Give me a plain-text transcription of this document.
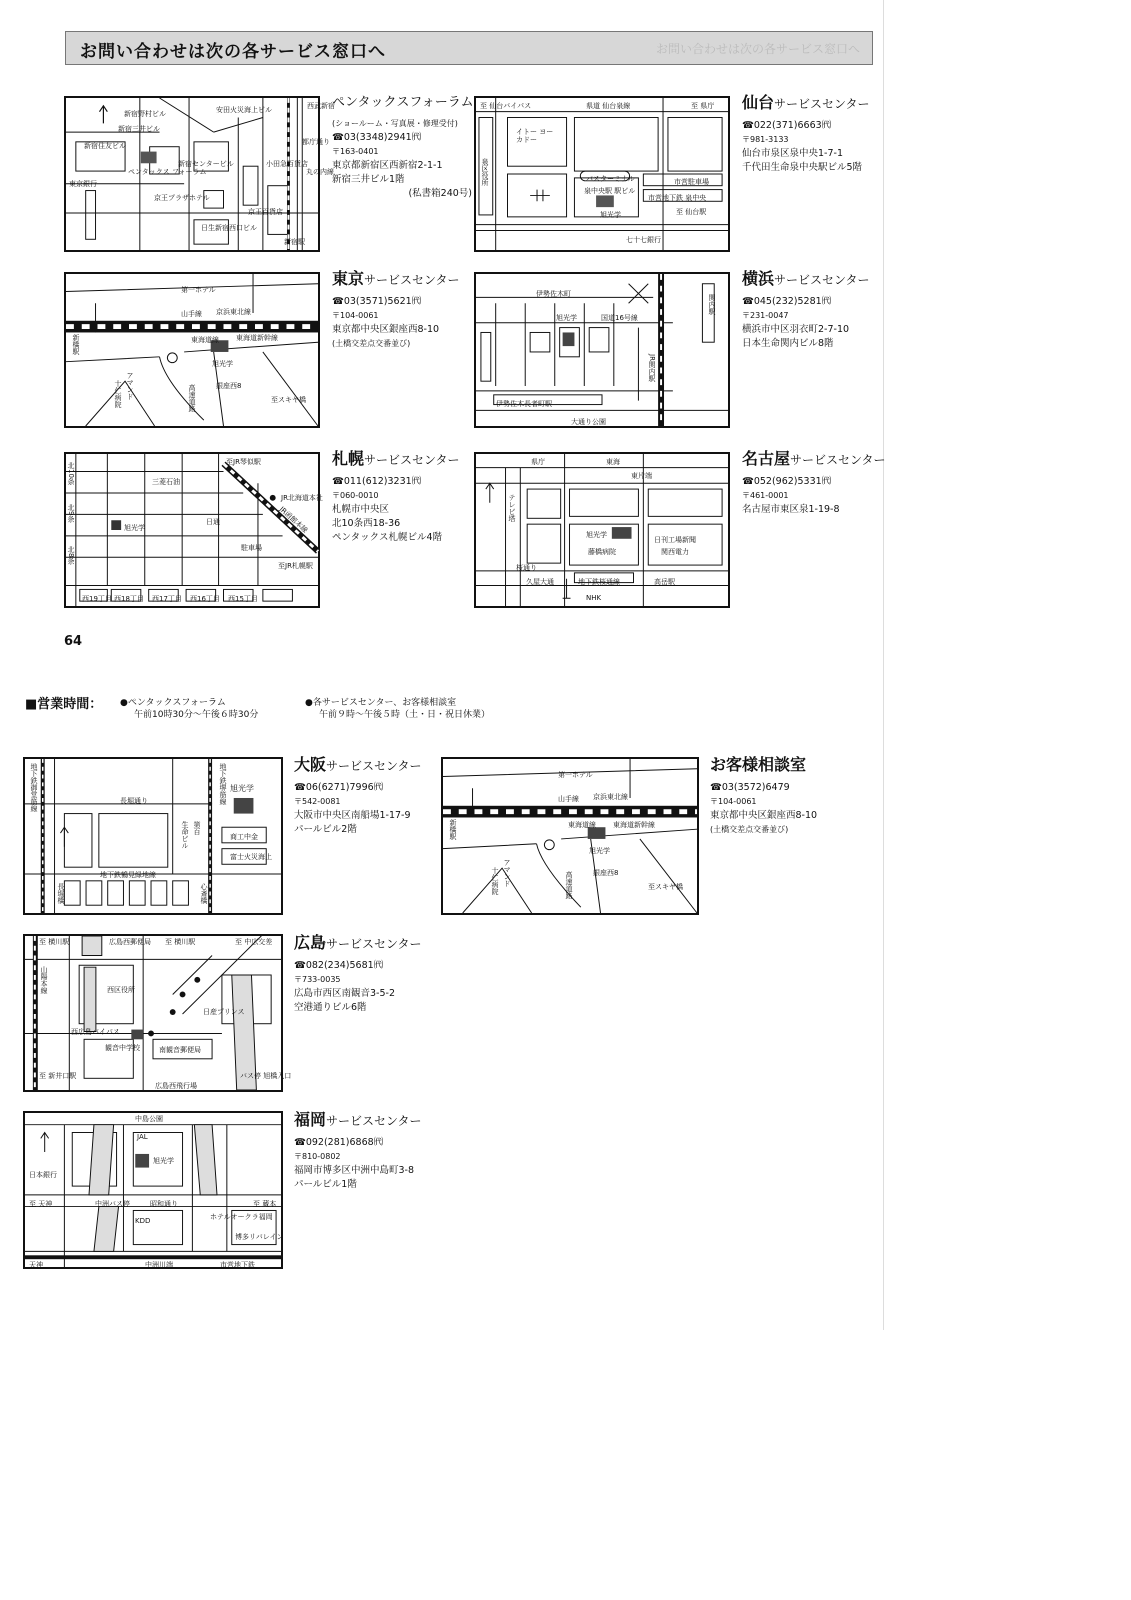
お問い合わせは次の各サービス窓口へ	お問い合わせは次の各サービス窓口へ
新宿野村ビル
新宿三井ビル
安田火災海上ビル
新宿住友ビル
ペンタックス フォーラム
新宿センタービル
京王プラザホテル
日生新宿西口ビル
東京銀行
西武新宿
小田急百貨店
京王百貨店
新宿駅
丸の内線
都庁通り
ペンタックスフォーラム
(ショールーム・写真展・修理受付)
☎03(3348)2941㈹
〒163-0401
東京都新宿区西新宿2-1-1
新宿三井ビル1階
(私書箱240号)
至 仙台バイパス	県道 仙台泉線	至 県庁
イトー ヨーカドー
泉区役所	バスターミナル
泉中央駅 駅ビル
旭光学
市営駐車場
市営地下鉄 泉中央
至 仙台駅
七十七銀行
仙台サービスセンター
☎022(371)6663㈹
〒981-3133
仙台市泉区泉中央1-7-1
千代田生命泉中央駅ビル5階
第一ホテル
山手線 京浜東北線
東海道線 東海道新幹線
新橋駅
旭光学
高速道路	銀座西8
アマンド
十仁病院	至スキヤ橋
東京サービスセンター
☎03(3571)5621㈹
〒104-0061
東京都中央区銀座西8-10
(土橋交差点交番並び)
伊勢佐木町
旭光学	国道16号線
JR関内駅
伊勢佐木長者町駅
大通り公園
関内駅
横浜サービスセンター
☎045(232)5281㈹
〒231-0047
横浜市中区羽衣町2-7-10
日本生命関内ビル8階
至JR琴似駅
三菱石油
旭光学
JR北海道本社
JR函館本線
日通
駐車場
至JR札幌駅
西19丁目 西18丁目 西17丁目 西16丁目 西15丁目
北10条
北9条
北8条
札幌サービスセンター
☎011(612)3231㈹
〒060-0010
札幌市中央区
北10条西18-36
ペンタックス札幌ビル4階
県庁	東海
東片端
旭光学
藤橋病院
日刊工場新聞
関西電力
桜通り
久屋大通	地下鉄桜通線	高岳駅
NHK
テレビ塔
名古屋サービスセンター
☎052(962)5331㈹
〒461-0001
名古屋市東区泉1-19-8
64
■営業時間： ●ペンタックスフォーラム
午前10時30分〜午後６時30分
●各サービスセンター、お客様相談室
午前９時〜午後５時（土・日・祝日休業）
地下鉄堺筋線 旭光学
長堀通り
生命ビル 第百
商工中金
富士火災海上
地下鉄鶴見緑地線
長堀橋
地下鉄御堂筋線
心斎橋
大阪サービスセンター
☎06(6271)7996㈹
〒542-0081
大阪市中央区南船場1-17-9
パールビル2階
第一ホテル
山手線 京浜東北線
東海道線 東海道新幹線
新橋駅
旭光学
高速道路	銀座西8
アマンド
十仁病院	至スキヤ橋
お客様相談室
☎03(3572)6479
〒104-0061
東京都中央区銀座西8-10
(土橋交差点交番並び)
至 横川駅	広島西郵便局 至 横川駅	至 中広交差
山陽本線	西区役所
観音中学校	南観音郵便局
西広島バイパス
広島西飛行場
至 新井口駅	バス停 旭橋入口
日産プリンス
広島サービスセンター
☎082(234)5681㈹
〒733-0035
広島市西区南観音3-5-2
空港通りビル6階
中島公園
JAL
旭光学
至 天神	中洲バス停	昭和通り
ホテルオークラ福岡
博多リバレイン
KDD
天神	中洲川端
日本銀行
至 蔵本
市営地下鉄
福岡サービスセンター
☎092(281)6868㈹
〒810-0802
福岡市博多区中洲中島町3-8
パールビル1階
